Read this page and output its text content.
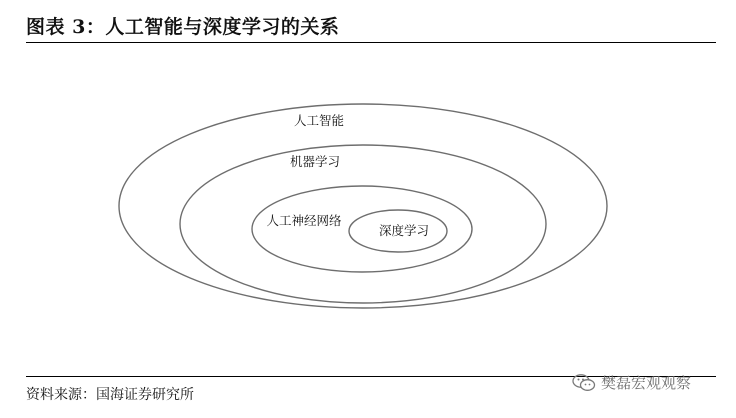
图表 3：人工智能与深度学习的关系
人工智能
机器学习
人工神经网络
深度学习
资料来源：国海证券研究所
樊磊宏观观察
